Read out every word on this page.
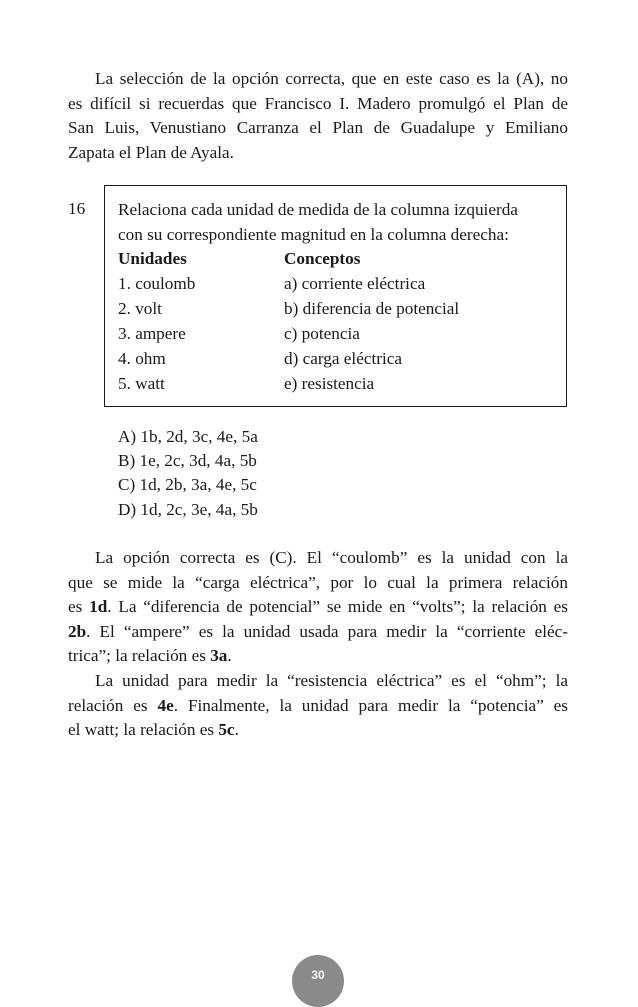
La selección de la opción correcta, que en este caso es la (A), no
es difícil si recuerdas que Francisco I. Madero promulgó el Plan de
San Luis, Venustiano Carranza el Plan de Guadalupe y Emiliano
Zapata el Plan de Ayala.

16 Relaciona cada unidad de medida de la columna izquierda
con su correspondiente magnitud en la columna derecha:
Unidades
1. coulomb
2. volt
3. ampere
4. ohm
5. watt
Conceptos
a) corriente eléctrica
b) diferencia de potencial
c) potencia
d) carga eléctrica
e) resistencia
A) 1b, 2d, 3c, 4e, 5a
B) 1e, 2c, 3d, 4a, 5b
C) 1d, 2b, 3a, 4e, 5c
D) 1d, 2c, 3e, 4a, 5b

La opción correcta es (C). El “coulomb” es la unidad con la
que se mide la “carga eléctrica”, por lo cual la primera relación
es 1d. La “diferencia de potencial” se mide en “volts”; la relación es
2b. El “ampere” es la unidad usada para medir la “corriente eléc-
trica”; la relación es 3a.
La unidad para medir la “resistencia eléctrica” es el “ohm”; la
relación es 4e. Finalmente, la unidad para medir la “potencia” es
el watt; la relación es 5c.

30
